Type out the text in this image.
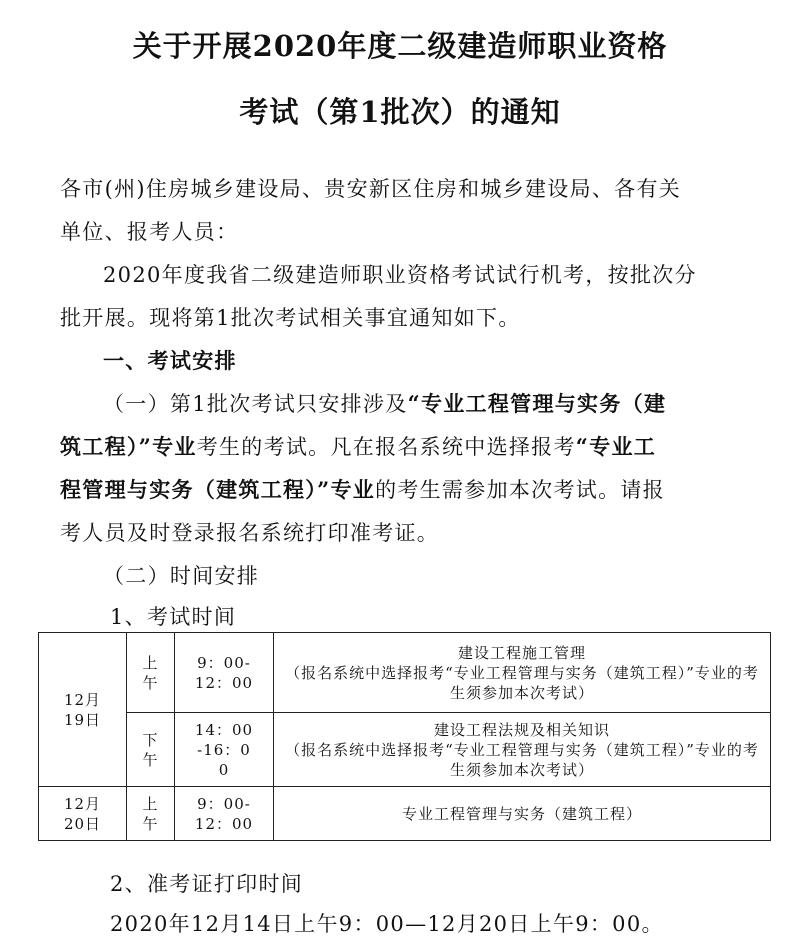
关于开展2020年度二级建造师职业资格
考试（第1批次）的通知
各市(州)住房城乡建设局、贵安新区住房和城乡建设局、各有关
单位、报考人员：
2020年度我省二级建造师职业资格考试试行机考，按批次分
批开展。现将第1批次考试相关事宜通知如下。
一、考试安排
（一）第1批次考试只安排涉及“专业工程管理与实务（建
筑工程）”专业考生的考试。凡在报名系统中选择报考“专业工
程管理与实务（建筑工程）”专业的考生需参加本次考试。请报
考人员及时登录报名系统打印准考证。
（二）时间安排
1、考试时间
12月19日	上午	9：00-12：00	建设工程施工管理
（报名系统中选择报考“专业工程管理与实务（建筑工程）”专业的考生须参加本次考试）

	下午	14：00-16：00	建设工程法规及相关知识
（报名系统中选择报考“专业工程管理与实务（建筑工程）”专业的考生须参加本次考试）

12月20日	上午	9：00-12：00	专业工程管理与实务（建筑工程）
2、准考证打印时间
2020年12月14日上午9：00—12月20日上午9：00。
